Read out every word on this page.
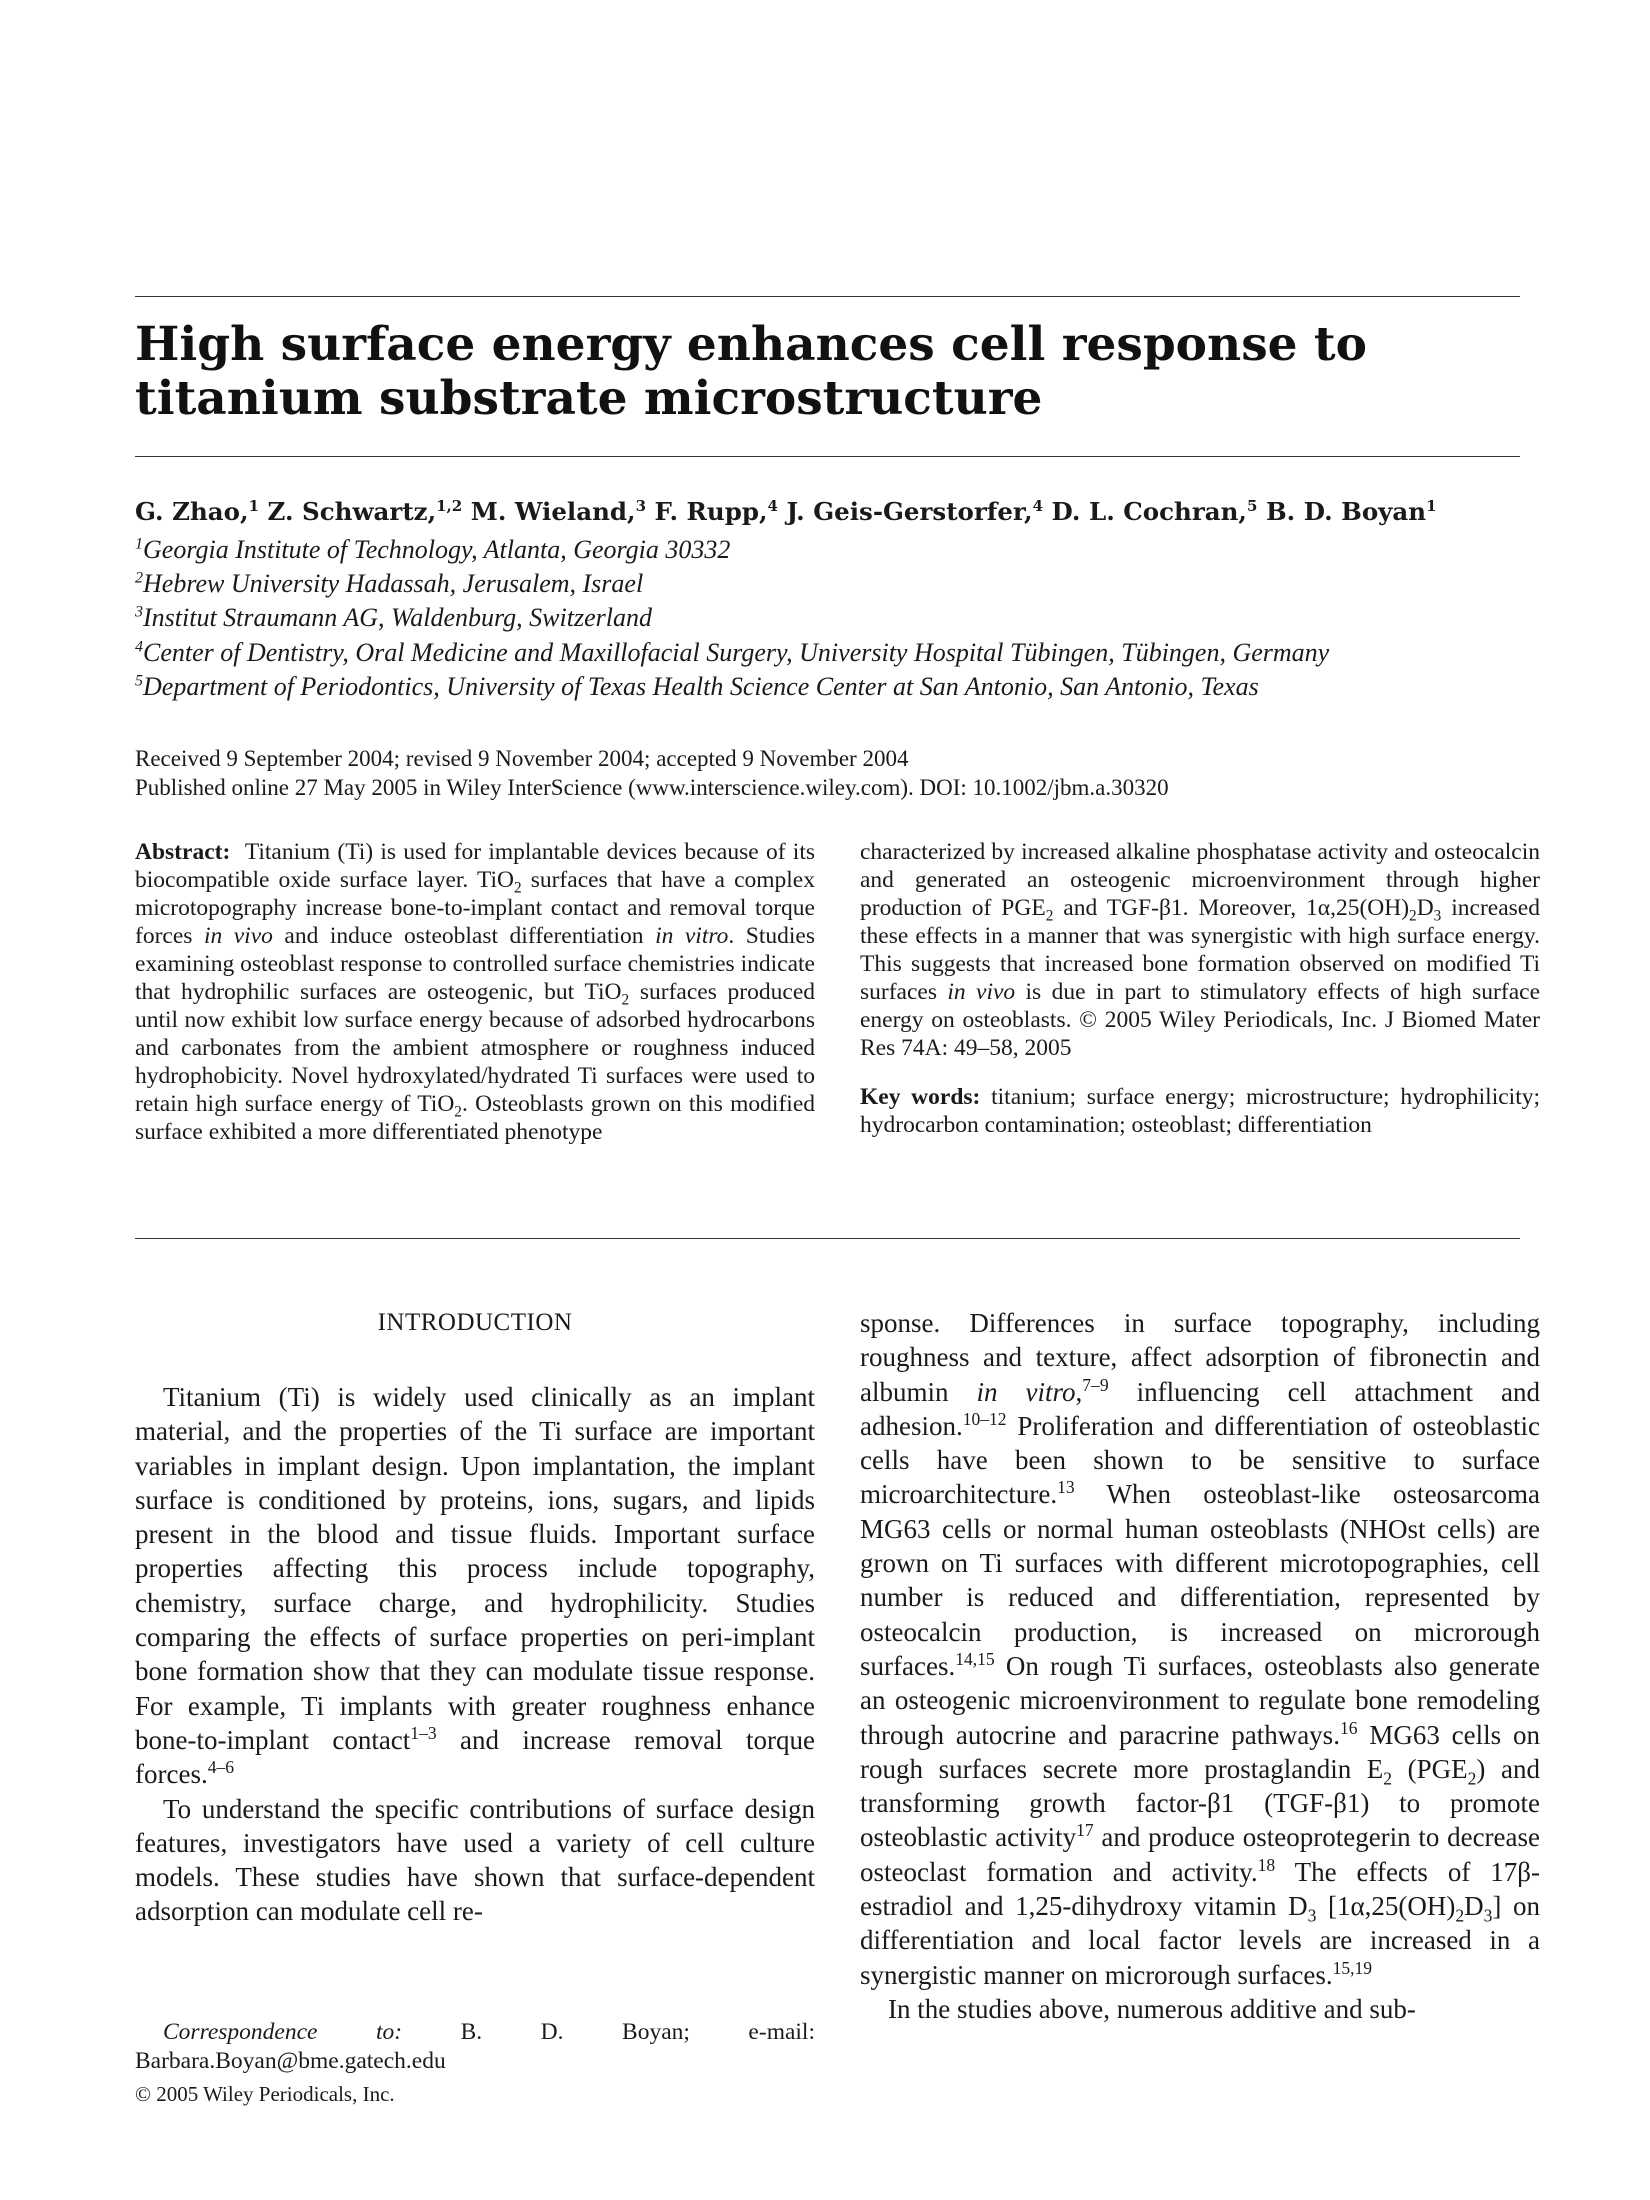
High surface energy enhances cell response to titanium substrate microstructure
G. Zhao,$^1$ Z. Schwartz,$^{1,2}$ M. Wieland,$^3$ F. Rupp,$^4$ J. Geis-Gerstorfer,$^4$ D. L. Cochran,$^5$ B. D. Boyan$^1$
$^1$Georgia Institute of Technology, Atlanta, Georgia 30332
$^2$Hebrew University Hadassah, Jerusalem, Israel
$^3$Institut Straumann AG, Waldenburg, Switzerland
$^4$Center of Dentistry, Oral Medicine and Maxillofacial Surgery, University Hospital Tübingen, Tübingen, Germany
$^5$Department of Periodontics, University of Texas Health Science Center at San Antonio, San Antonio, Texas
Received 9 September 2004; revised 9 November 2004; accepted 9 November 2004
Published online 27 May 2005 in Wiley InterScience (www.interscience.wiley.com). DOI: 10.1002/jbm.a.30320

Abstract: Titanium (Ti) is used for implantable devices because of its biocompatible oxide surface layer. TiO$_2$ surfaces that have a complex microtopography increase bone-to-implant contact and removal torque forces in vivo and induce osteoblast differentiation in vitro. Studies examining osteoblast response to controlled surface chemistries indicate that hydrophilic surfaces are osteogenic, but TiO$_2$ surfaces produced until now exhibit low surface energy because of adsorbed hydrocarbons and carbonates from the ambient atmosphere or roughness induced hydrophobicity. Novel hydroxylated/hydrated Ti surfaces were used to retain high surface energy of TiO$_2$. Osteoblasts grown on this modified surface exhibited a more differentiated phenotype

characterized by increased alkaline phosphatase activity and osteocalcin and generated an osteogenic microenvironment through higher production of $PGE_2$ and TGF-β1. Moreover, $1\alpha,25(OH)_2D_3$ increased these effects in a manner that was synergistic with high surface energy. This suggests that increased bone formation observed on modified Ti surfaces in vivo is due in part to stimulatory effects of high surface energy on osteoblasts. © 2005 Wiley Periodicals, Inc. J Biomed Mater Res 74A: 49–58, 2005

Key words: titanium; surface energy; microstructure; hydrophilicity; hydrocarbon contamination; osteoblast; differentiation

INTRODUCTION

Titanium (Ti) is widely used clinically as an implant material, and the properties of the Ti surface are important variables in implant design. Upon implantation, the implant surface is conditioned by proteins, ions, sugars, and lipids present in the blood and tissue fluids. Important surface properties affecting this process include topography, chemistry, surface charge, and hydrophilicity. Studies comparing the effects of surface properties on peri-implant bone formation show that they can modulate tissue response. For example, Ti implants with greater roughness enhance bone-to-implant contact$^{1-3}$ and increase removal torque forces.$^{4-6}$

To understand the specific contributions of surface design features, investigators have used a variety of cell culture models. These studies have shown that surface-dependent adsorption can modulate cell re-

sponse. Differences in surface topography, including roughness and texture, affect adsorption of fibronectin and albumin in vitro,$^{7-9}$ influencing cell attachment and adhesion.$^{10-12}$ Proliferation and differentiation of osteoblastic cells have been shown to be sensitive to surface microarchitecture.$^{13}$ When osteoblast-like osteosarcoma MG63 cells or normal human osteoblasts (NHOst cells) are grown on Ti surfaces with different microtopographies, cell number is reduced and differentiation, represented by osteocalcin production, is increased on microrough surfaces.$^{14,15}$ On rough Ti surfaces, osteoblasts also generate an osteogenic microenvironment to regulate bone remodeling through autocrine and paracrine pathways.$^{16}$ MG63 cells on rough surfaces secrete more prostaglandin $E_2$ $(PGE_2)$ and transforming growth factor-β1 (TGF-β1) to promote osteoblastic activity$^{17}$ and produce osteoprotegerin to decrease osteoclast formation and activity.$^{18}$ The effects of 17β-estradiol and 1,25-dihydroxy vitamin $D_3$ $[1\alpha,25(OH)_2D_3]$ on differentiation and local factor levels are increased in a synergistic manner on microrough surfaces.$^{15,19}$

In the studies above, numerous additive and sub-

Correspondence to: B. D. Boyan; e-mail: Barbara.Boyan@bme.gatech.edu
© 2005 Wiley Periodicals, Inc.
